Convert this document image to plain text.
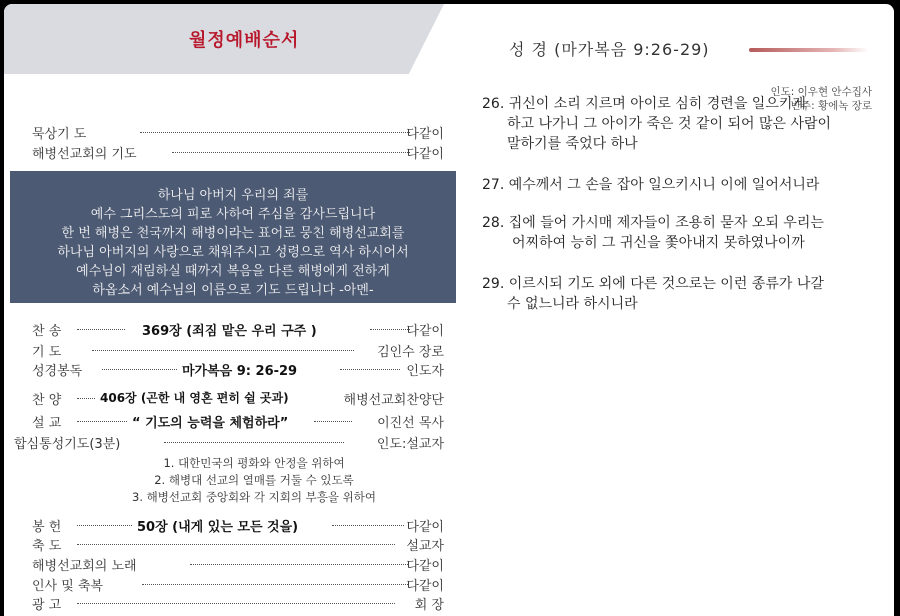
월정예배순서
인도: 이우현 안수집사
반주: 황에녹 장로
묵상기 도	다같이
해병선교회의 기도	다같이
하나님 아버지 우리의 죄를
예수 그리스도의 피로 사하여 주심을 감사드립니다
한 번 해병은 천국까지 해병이라는 표어로 뭉친 해병선교회를
하나님 아버지의 사랑으로 채워주시고 성령으로 역사 하시어서
예수님이 재림하실 때까지 복음을 다른 해병에게 전하게
하옵소서 예수님의 이름으로 기도 드립니다 -아멘-
찬 송	369장 (죄짐 맡은 우리 구주 )	다같이
기 도	김인수 장로
성경봉독	마가복음 9: 26-29	인도자
찬 양	406장 (곤한 내 영혼 편히 쉴 곳과)	해병선교회찬양단
설 교	“ 기도의 능력을 체험하라”	이진선 목사
합심통성기도(3분)	인도:설교자
1. 대한민국의 평화와 안정을 위하여
2. 해병대 선교의 열매를 거둘 수 있도록
3. 해병선교회 중앙회와 각 지회의 부흥을 위하여
봉 헌	50장 (내게 있는 모든 것을)	다같이
축 도	설교자
해병선교회의 노래	다같이
인사 및 축복	다같이
광 고	회 장
성 경 (마가복음 9:26-29)
26. 귀신이 소리 지르며 아이로 심히 경련을 일으키게
하고 나가니 그 아이가 죽은 것 같이 되어 많은 사람이
말하기를 죽었다 하나
27. 예수께서 그 손을 잡아 일으키시니 이에 일어서니라
28. 집에 들어 가시매 제자들이 조용히 묻자 오되 우리는
어찌하여 능히 그 귀신을 쫓아내지 못하였나이까
29. 이르시되 기도 외에 다른 것으로는 이런 종류가 나갈
수 없느니라 하시니라
